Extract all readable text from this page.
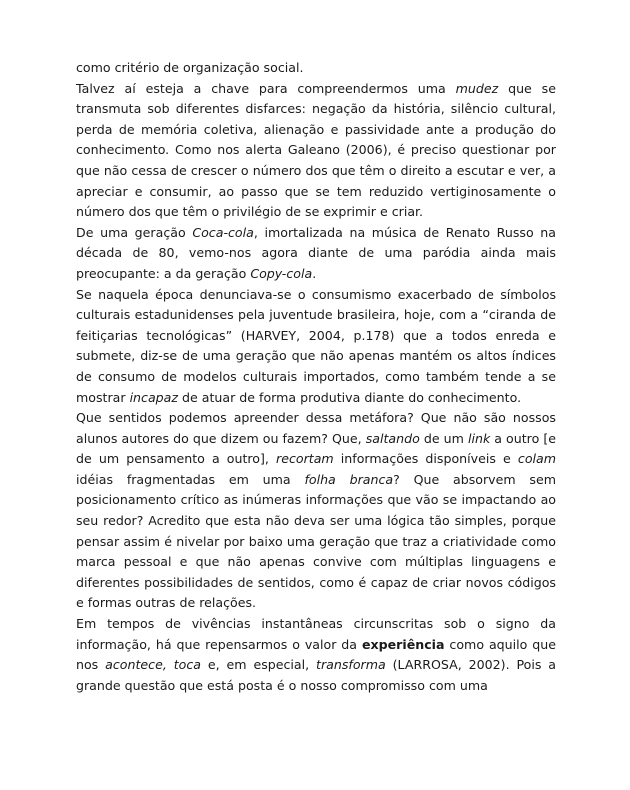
como critério de organização social.

Talvez aí esteja a chave para compreendermos uma mudez que se transmuta sob diferentes disfarces: negação da história, silêncio cultural, perda de memória coletiva, alienação e passividade ante a produção do conhecimento. Como nos alerta Galeano (2006), é preciso questionar por que não cessa de crescer o número dos que têm o direito a escutar e ver, a apreciar e consumir, ao passo que se tem reduzido vertiginosamente o número dos que têm o privilégio de se exprimir e criar.

De uma geração Coca-cola, imortalizada na música de Renato Russo na década de 80, vemo-nos agora diante de uma paródia ainda mais preocupante: a da geração Copy-cola.

Se naquela época denunciava-se o consumismo exacerbado de símbolos culturais estadunidenses pela juventude brasileira, hoje, com a “ciranda de feitiçarias tecnológicas” (HARVEY, 2004, p.178) que a todos enreda e submete, diz-se de uma geração que não apenas mantém os altos índices de consumo de modelos culturais importados, como também tende a se mostrar incapaz de atuar de forma produtiva diante do conhecimento.

Que sentidos podemos apreender dessa metáfora? Que não são nossos alunos autores do que dizem ou fazem? Que, saltando de um link a outro [e de um pensamento a outro], recortam informações disponíveis e colam idéias fragmentadas em uma folha branca? Que absorvem sem posicionamento crítico as inúmeras informações que vão se impactando ao seu redor? Acredito que esta não deva ser uma lógica tão simples, porque pensar assim é nivelar por baixo uma geração que traz a criatividade como marca pessoal e que não apenas convive com múltiplas linguagens e diferentes possibilidades de sentidos, como é capaz de criar novos códigos e formas outras de relações.

Em tempos de vivências instantâneas circunscritas sob o signo da informação, há que repensarmos o valor da experiência como aquilo que nos acontece, toca e, em especial, transforma (LARROSA, 2002). Pois a grande questão que está posta é o nosso compromisso com uma
